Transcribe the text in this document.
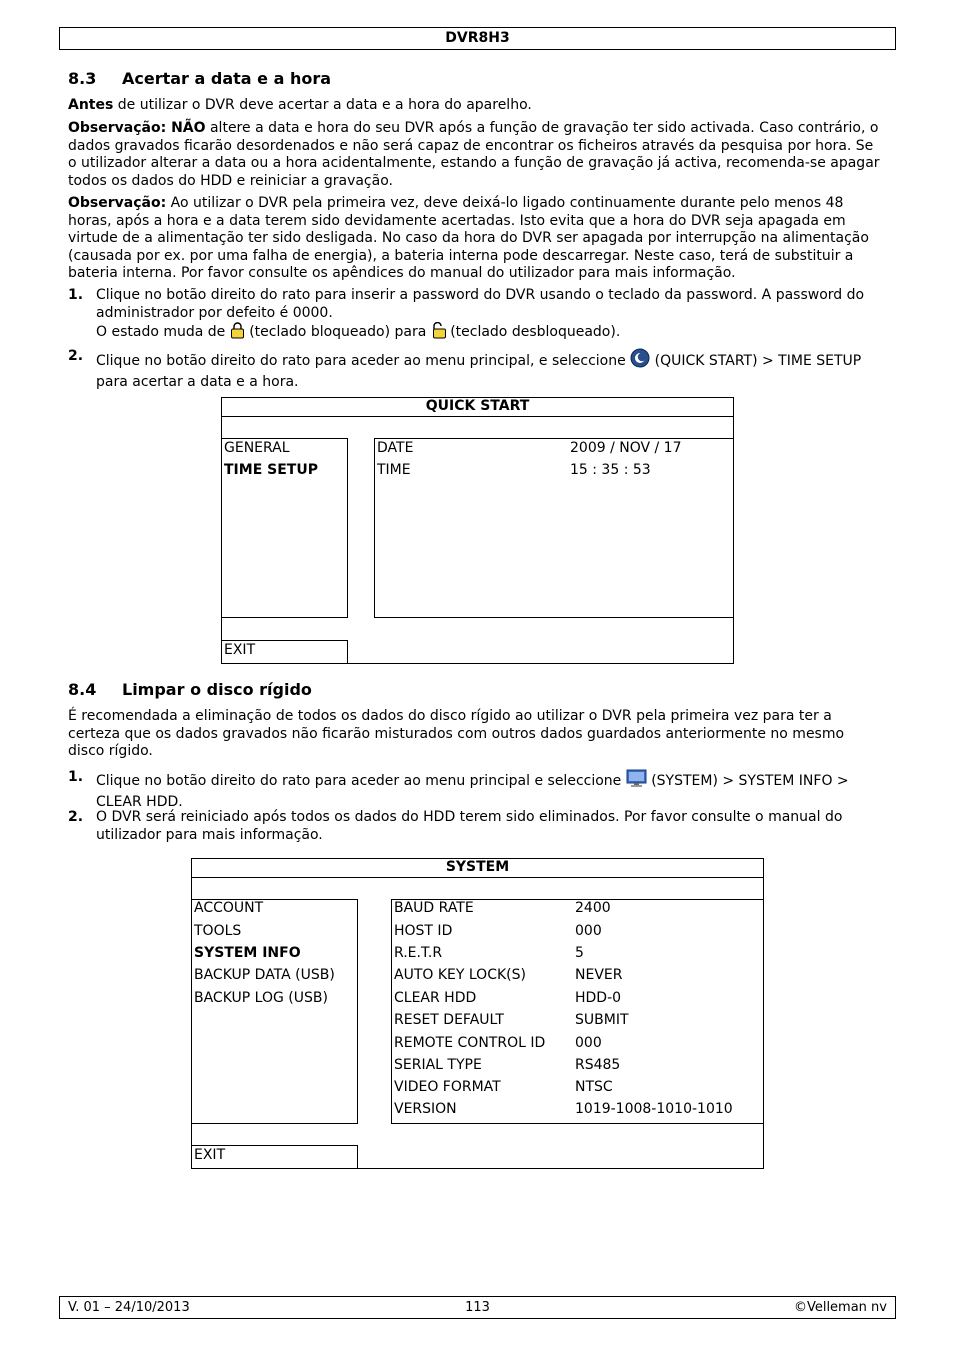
DVR8H3
8.3 Acertar a data e a hora
Antes de utilizar o DVR deve acertar a data e a hora do aparelho.
Observação: NÃO altere a data e hora do seu DVR após a função de gravação ter sido activada. Caso contrário, o dados gravados ficarão desordenados e não será capaz de encontrar os ficheiros através da pesquisa por hora. Se o utilizador alterar a data ou a hora acidentalmente, estando a função de gravação já activa, recomenda-se apagar todos os dados do HDD e reiniciar a gravação.
Observação: Ao utilizar o DVR pela primeira vez, deve deixá-lo ligado continuamente durante pelo menos 48 horas, após a hora e a data terem sido devidamente acertadas. Isto evita que a hora do DVR seja apagada em virtude de a alimentação ter sido desligada. No caso da hora do DVR ser apagada por interrupção na alimentação (causada por ex. por uma falha de energia), a bateria interna pode descarregar. Neste caso, terá de substituir a bateria interna. Por favor consulte os apêndices do manual do utilizador para mais informação.
1. Clique no botão direito do rato para inserir a password do DVR usando o teclado da password. A password do administrador por defeito é 0000.
O estado muda de (teclado bloqueado) para (teclado desbloqueado).
2. Clique no botão direito do rato para aceder ao menu principal, e seleccione (QUICK START) > TIME SETUP para acertar a data e a hora.
QUICK START
GENERAL
TIME SETUP
DATE	2009 / NOV / 17
TIME	15 : 35 : 53
EXIT
8.4 Limpar o disco rígido
É recomendada a eliminação de todos os dados do disco rígido ao utilizar o DVR pela primeira vez para ter a certeza que os dados gravados não ficarão misturados com outros dados guardados anteriormente no mesmo disco rígido.
1. Clique no botão direito do rato para aceder ao menu principal e seleccione (SYSTEM) > SYSTEM INFO > CLEAR HDD.
2. O DVR será reiniciado após todos os dados do HDD terem sido eliminados. Por favor consulte o manual do utilizador para mais informação.
SYSTEM
ACCOUNT
TOOLS
SYSTEM INFO
BACKUP DATA (USB)
BACKUP LOG (USB)
BAUD RATE	2400
HOST ID	000
R.E.T.R	5
AUTO KEY LOCK(S)	NEVER
CLEAR HDD	HDD-0
RESET DEFAULT	SUBMIT
REMOTE CONTROL ID 000
SERIAL TYPE	RS485
VIDEO FORMAT	NTSC
VERSION	1019-1008-1010-1010
EXIT
V. 01 – 24/10/2013	113	©Velleman nv
